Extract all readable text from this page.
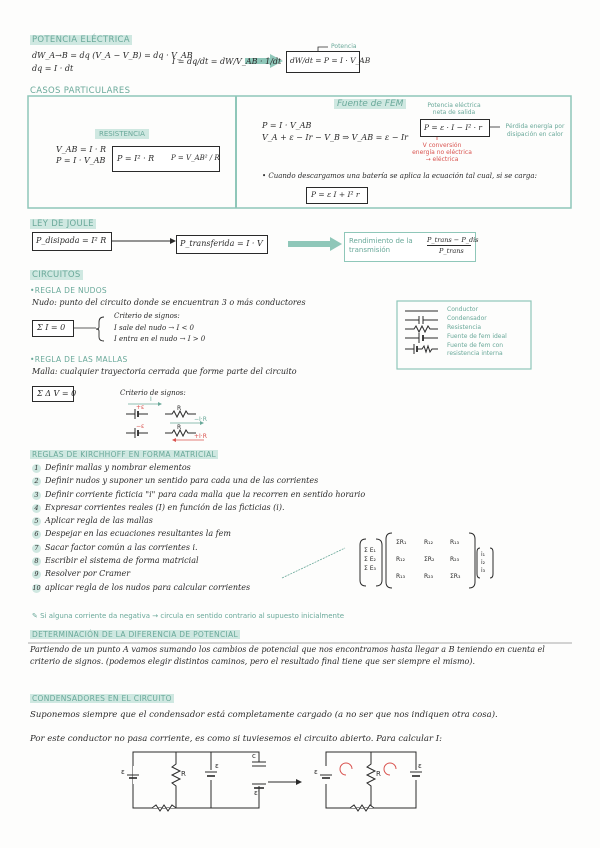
POTENCIA ELÉCTRICA
dW_A→B = dq (V_A − V_B) = dq · V_AB
dq = I · dt
I = dq/dt = dW/V_AB · 1/dt	dW/dt = P = I · V_AB
Potencia
CASOS PARTICULARES
RESISTENCIA
V_AB = I · R
P = I · V_AB P = I² · R P = V_AB² / R
Fuente de FEM
P = I · V_AB
V_A + ε − Ir − V_B ⇒ V_AB = ε − Ir
P = ε · I − I² · r
Potencia eléctrica neta de salida
V conversión energía no eléctrica → eléctrica
Pérdida energía por disipación en calor
• Cuando descargamos una batería se aplica la ecuación tal cual, si se carga:
P = ε I + I² r
LEY DE JOULE
P_disipada = I² R	P_transferida = I · V	Rendimiento de la transmisión
P_trans − P_dis
P_trans
CIRCUITOS
•REGLA DE NUDOS
Nudo: punto del circuito donde se encuentran 3 o más conductores
Σ I = 0
Criterio de signos:
I sale del nudo → I < 0
I entra en el nudo → I > 0
Conductor
Condensador
Resistencia
Fuente de fem ideal
Fuente de fem con resistencia interna
•REGLA DE LAS MALLAS
Malla: cualquier trayectoria cerrada que forme parte del circuito
Σ Δ V = 0	Criterio de signos:
+ε
−ε
R
R
I
−I·R
+I·R
REGLAS DE KIRCHHOFF EN FORMA MATRICIAL
1 Definir mallas y nombrar elementos
2 Definir nudos y suponer un sentido para cada una de las corrientes
3 Definir corriente ficticia "i" para cada malla que la recorren en sentido horario
4 Expresar corrientes reales (I) en función de las ficticias (i).
5 Aplicar regla de las mallas
6 Despejar en las ecuaciones resultantes la fem
7 Sacar factor común a las corrientes i.
8 Escribir el sistema de forma matricial
9 Resolver por Cramer
10 aplicar regla de los nudos para calcular corrientes
✎ Si alguna corriente da negativa → circula en sentido contrario al supuesto inicialmente
Σ E₁
Σ E₂
Σ E₃
ΣR₁	R₁₂	R₁₃
R₁₂	ΣR₂	R₂₃
R₁₃	R₂₃	ΣR₃
i₁
i₂
i₃
DETERMINACIÓN DE LA DIFERENCIA DE POTENCIAL
Partiendo de un punto A vamos sumando los cambios de potencial que nos encontramos hasta llegar a B teniendo en cuenta el criterio de signos. (podemos elegir distintos caminos, pero el resultado final tiene que ser siempre el mismo).
CONDENSADORES EN EL CIRCUITO
Suponemos siempre que el condensador está completamente cargado (a no ser que nos indiquen otra cosa).
Por este conductor no pasa corriente, es como si tuviesemos el circuito abierto. Para calcular I:
ε	R
ε
c
ε'
ε	R
ε
